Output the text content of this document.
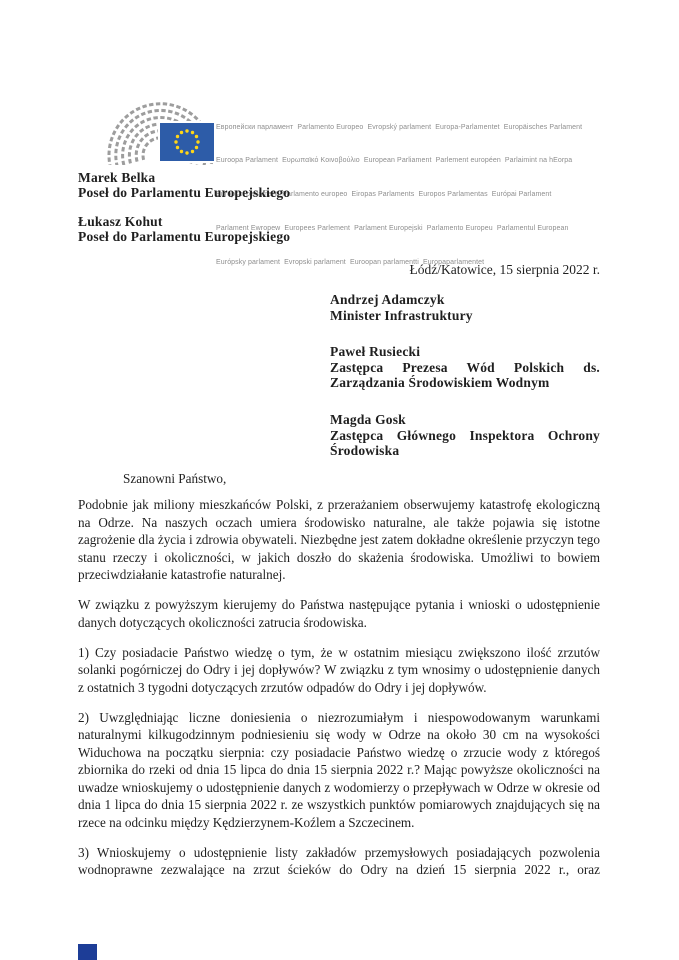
Европейски парламент  Parlamento Europeo  Evropský parlament  Europa-Parlamentet  Europäisches Parlament

Euroopa Parlament  Ευρωπαϊκό Κοινοβούλιο  European Parliament  Parlement européen  Parlaimint na hEorpa

Europski parlament  Parlamento europeo  Eiropas Parlaments  Europos Parlamentas  Európai Parlament

Parlament Ewropew  Europees Parlement  Parlament Europejski  Parlamento Europeu  Parlamentul European

Európsky parlament  Evropski parlament  Euroopan parlamentti  Europaparlamentet

Marek Belka
Poseł do Parlamentu Europejskiego
Łukasz Kohut
Poseł do Parlamentu Europejskiego
Łódź/Katowice, 15 sierpnia 2022 r.
Andrzej Adamczyk
Minister Infrastruktury
Paweł Rusiecki
Zastępca Prezesa Wód Polskich ds. Zarządzania Środowiskiem Wodnym
Magda Gosk
Zastępca Głównego Inspektora Ochrony Środowiska
Szanowni Państwo,

Podobnie jak miliony mieszkańców Polski, z przerażaniem obserwujemy katastrofę ekologiczną na Odrze. Na naszych oczach umiera środowisko naturalne, ale także pojawia się istotne zagrożenie dla życia i zdrowia obywateli. Niezbędne jest zatem dokładne określenie przyczyn tego stanu rzeczy i okoliczności, w jakich doszło do skażenia środowiska. Umożliwi to bowiem przeciwdziałanie katastrofie naturalnej.

W związku z powyższym kierujemy do Państwa następujące pytania i wnioski o udostępnienie danych dotyczących okoliczności zatrucia środowiska.

1) Czy posiadacie Państwo wiedzę o tym, że w ostatnim miesiącu zwiększono ilość zrzutów solanki pogórniczej do Odry i jej dopływów? W związku z tym wnosimy o udostępnienie danych z ostatnich 3 tygodni dotyczących zrzutów odpadów do Odry i jej dopływów.

2) Uwzględniając liczne doniesienia o niezrozumiałym i niespowodowanym warunkami naturalnymi kilkugodzinnym podniesieniu się wody w Odrze na około 30 cm na wysokości Widuchowa na początku sierpnia: czy posiadacie Państwo wiedzę o zrzucie wody z któregoś zbiornika do rzeki od dnia 15 lipca do dnia 15 sierpnia 2022 r.? Mając powyższe okoliczności na uwadze wnioskujemy o udostępnienie danych z wodomierzy o przepływach w Odrze w okresie od dnia 1 lipca do dnia 15 sierpnia 2022 r. ze wszystkich punktów pomiarowych znajdujących się na rzece na odcinku między Kędzierzynem-Koźlem a Szczecinem.

3) Wnioskujemy o udostępnienie listy zakładów przemysłowych posiadających pozwolenia wodnoprawne zezwalające na zrzut ścieków do Odry na dzień 15 sierpnia 2022 r., oraz
